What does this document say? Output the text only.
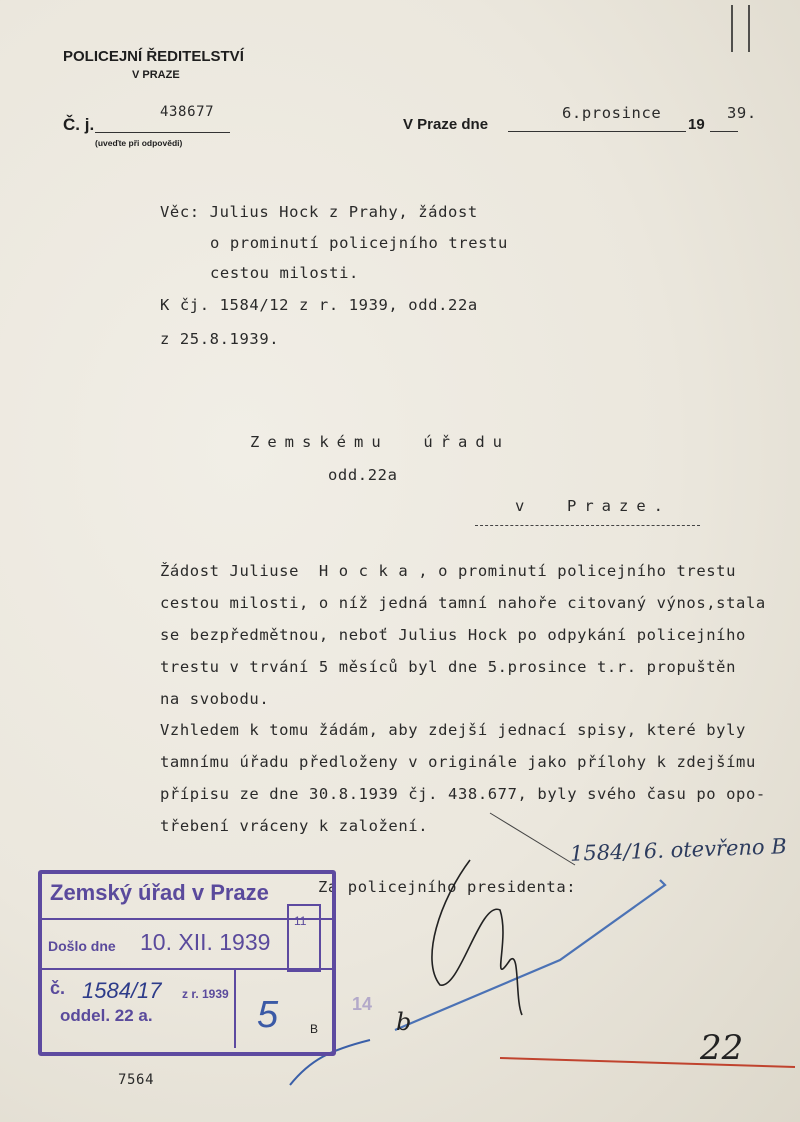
POLICEJNÍ ŘEDITELSTVÍ
V PRAZE
Č. j.
438677
(uveďte při odpovědi)
V Praze dne
6.prosince
19
39.
Věc: Julius Hock z Prahy, žádost
o prominutí policejního trestu
cestou milosti.
K čj. 1584/12 z r. 1939, odd.22a
z 25.8.1939.
Zemskému  úřadu
odd.22a
v  Praze.
Žádost Juliuse  H o c k a , o prominutí policejního trestu
cestou milosti, o níž jedná tamní nahoře citovaný výnos,stala
se bezpředmětnou, neboť Julius Hock po odpykání policejního
trestu v trvání 5 měsíců byl dne 5.prosince t.r. propuštěn
na svobodu.
Vzhledem k tomu žádám, aby zdejší jednací spisy, které byly
tamnímu úřadu předloženy v originále jako přílohy k zdejšímu
přípisu ze dne 30.8.1939 čj. 438.677, byly svého času po opo-
třebení vráceny k založení.
1584/16. otevřeno B
Za policejního presidenta:
b
22
14
Zemský úřad v Praze
Došlo dne 10. XII. 1939
11
č. 1584/17 z r. 1939
oddel. 22 a.	5	B
7564
